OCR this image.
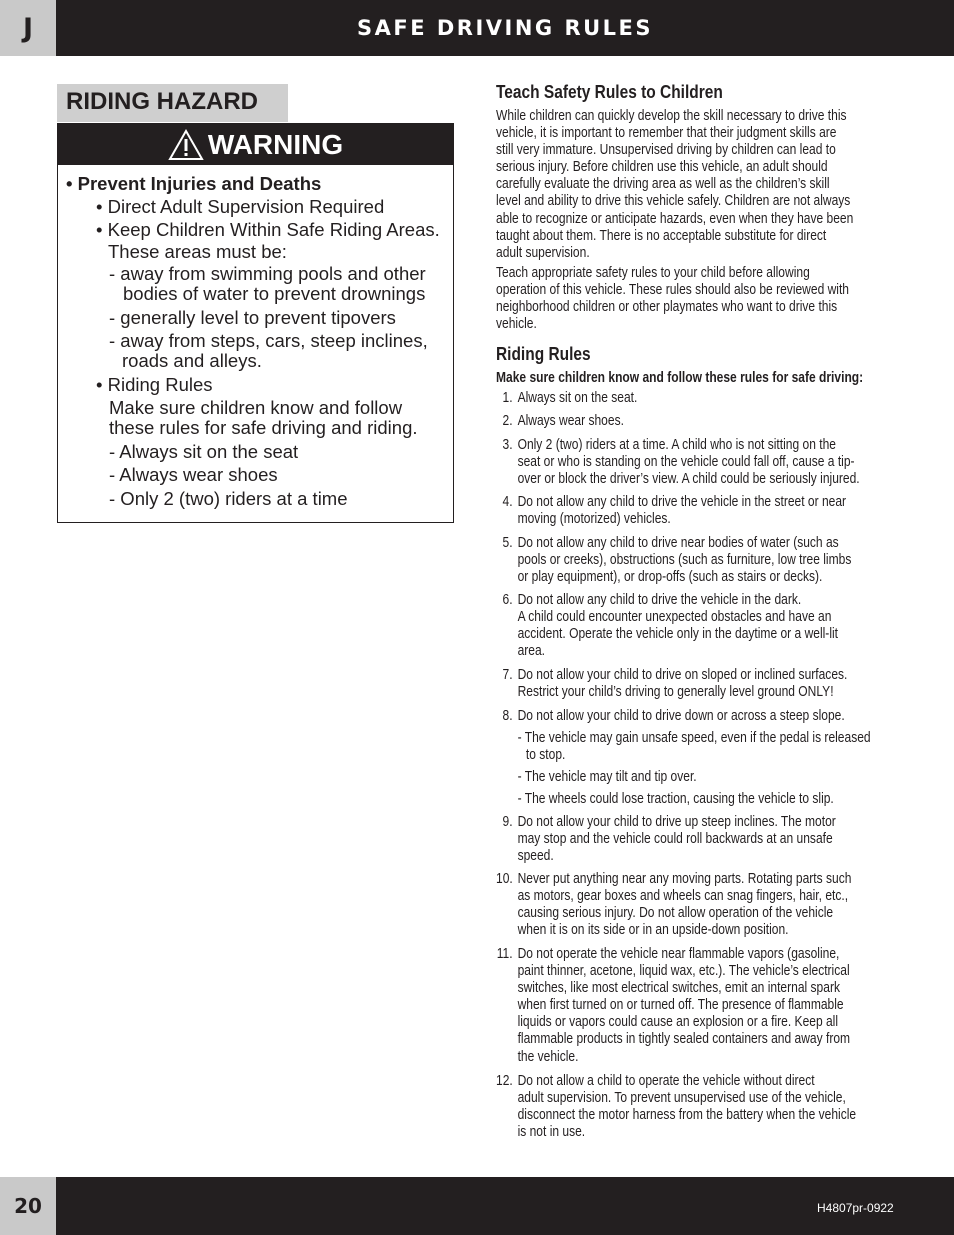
J	SAFE DRIVING RULES
RIDING HAZARD
WARNING
• Prevent Injuries and Deaths
• Direct Adult Supervision Required
• Keep Children Within Safe Riding Areas.
These areas must be:
- away from swimming pools and other
bodies of water to prevent drownings
- generally level to prevent tipovers
- away from steps, cars, steep inclines,
roads and alleys.
• Riding Rules
Make sure children know and follow
these rules for safe driving and riding.
- Always sit on the seat
- Always wear shoes
- Only 2 (two) riders at a time
Teach Safety Rules to Children
While children can quickly develop the skill necessary to drive this
vehicle, it is important to remember that their judgment skills are
still very immature. Unsupervised driving by children can lead to
serious injury. Before children use this vehicle, an adult should
carefully evaluate the driving area as well as the children’s skill
level and ability to drive this vehicle safely. Children are not always
able to recognize or anticipate hazards, even when they have been
taught about them. There is no acceptable substitute for direct
adult supervision.
Teach appropriate safety rules to your child before allowing
operation of this vehicle. These rules should also be reviewed with
neighborhood children or other playmates who want to drive this
vehicle.
Riding Rules
Make sure children know and follow these rules for safe driving:
1. Always sit on the seat.
2. Always wear shoes.
3. Only 2 (two) riders at a time. A child who is not sitting on the
seat or who is standing on the vehicle could fall off, cause a tip-
over or block the driver’s view. A child could be seriously injured.
4. Do not allow any child to drive the vehicle in the street or near
moving (motorized) vehicles.
5. Do not allow any child to drive near bodies of water (such as
pools or creeks), obstructions (such as furniture, low tree limbs
or play equipment), or drop-offs (such as stairs or decks).
6. Do not allow any child to drive the vehicle in the dark.
A child could encounter unexpected obstacles and have an
accident. Operate the vehicle only in the daytime or a well-lit
area.
7. Do not allow your child to drive on sloped or inclined surfaces.
Restrict your child’s driving to generally level ground ONLY!
8. Do not allow your child to drive down or across a steep slope.
- The vehicle may gain unsafe speed, even if the pedal is released
to stop.
- The vehicle may tilt and tip over.
- The wheels could lose traction, causing the vehicle to slip.
9. Do not allow your child to drive up steep inclines. The motor
may stop and the vehicle could roll backwards at an unsafe
speed.
10. Never put anything near any moving parts. Rotating parts such
as motors, gear boxes and wheels can snag fingers, hair, etc.,
causing serious injury. Do not allow operation of the vehicle
when it is on its side or in an upside-down position.
11. Do not operate the vehicle near flammable vapors (gasoline,
paint thinner, acetone, liquid wax, etc.). The vehicle’s electrical
switches, like most electrical switches, emit an internal spark
when first turned on or turned off. The presence of flammable
liquids or vapors could cause an explosion or a fire. Keep all
flammable products in tightly sealed containers and away from
the vehicle.
12. Do not allow a child to operate the vehicle without direct
adult supervision. To prevent unsupervised use of the vehicle,
disconnect the motor harness from the battery when the vehicle
is not in use.
20	H4807pr-0922
